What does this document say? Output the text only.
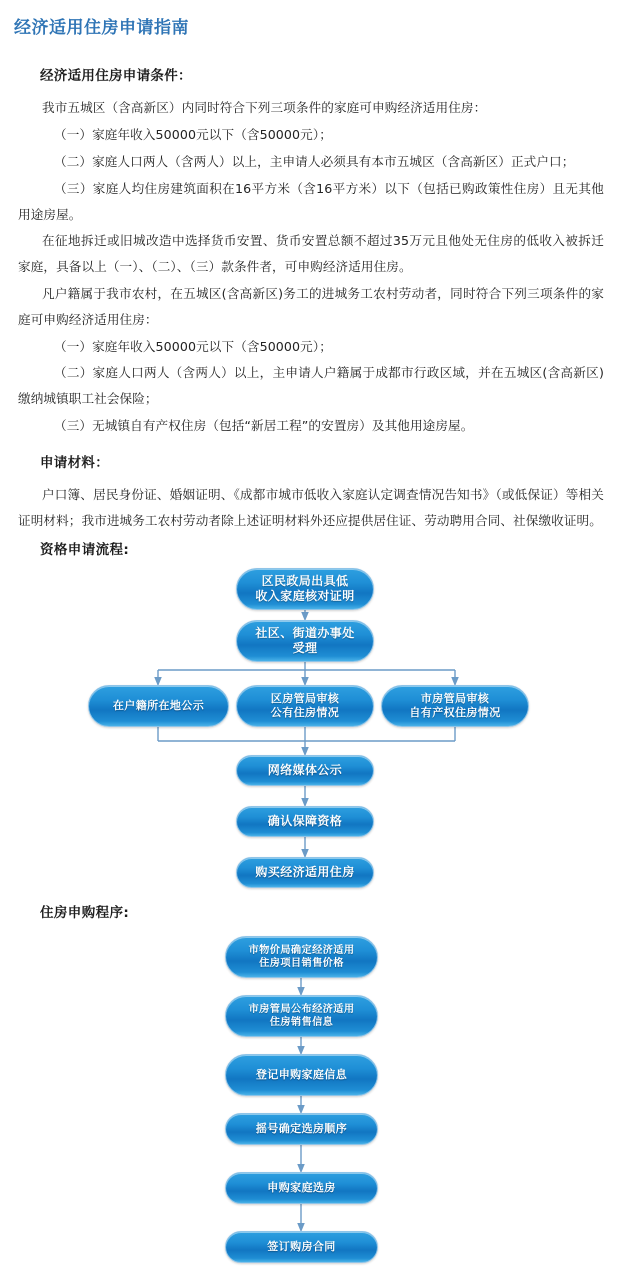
经济适用住房申请指南
经济适用住房申请条件：

我市五城区（含高新区）内同时符合下列三项条件的家庭可申购经济适用住房：

（一）家庭年收入50000元以下（含50000元）；

（二）家庭人口两人（含两人）以上，主申请人必须具有本市五城区（含高新区）正式户口；

（三）家庭人均住房建筑面积在16平方米（含16平方米）以下（包括已购政策性住房）且无其他用途房屋。

在征地拆迁或旧城改造中选择货币安置、货币安置总额不超过35万元且他处无住房的低收入被拆迁家庭，具备以上（一）、（二）、（三）款条件者，可申购经济适用住房。

凡户籍属于我市农村，在五城区(含高新区)务工的进城务工农村劳动者，同时符合下列三项条件的家庭可申购经济适用住房：

（一）家庭年收入50000元以下（含50000元）；

（二）家庭人口两人（含两人）以上，主申请人户籍属于成都市行政区域，并在五城区(含高新区)缴纳城镇职工社会保险；

（三）无城镇自有产权住房（包括“新居工程”的安置房）及其他用途房屋。

申请材料：

户口簿、居民身份证、婚姻证明、《成都市城市低收入家庭认定调查情况告知书》（或低保证）等相关证明材料；我市进城务工农村劳动者除上述证明材料外还应提供居住证、劳动聘用合同、社保缴收证明。

资格申请流程:
区民政局出具低
收入家庭核对证明
社区、街道办事处
受理
在户籍所在地公示
区房管局审核
公有住房情况
市房管局审核
自有产权住房情况
网络媒体公示
确认保障资格
购买经济适用住房
住房申购程序:
市物价局确定经济适用
住房项目销售价格
市房管局公布经济适用
住房销售信息
登记申购家庭信息
摇号确定选房顺序
申购家庭选房
签订购房合同
